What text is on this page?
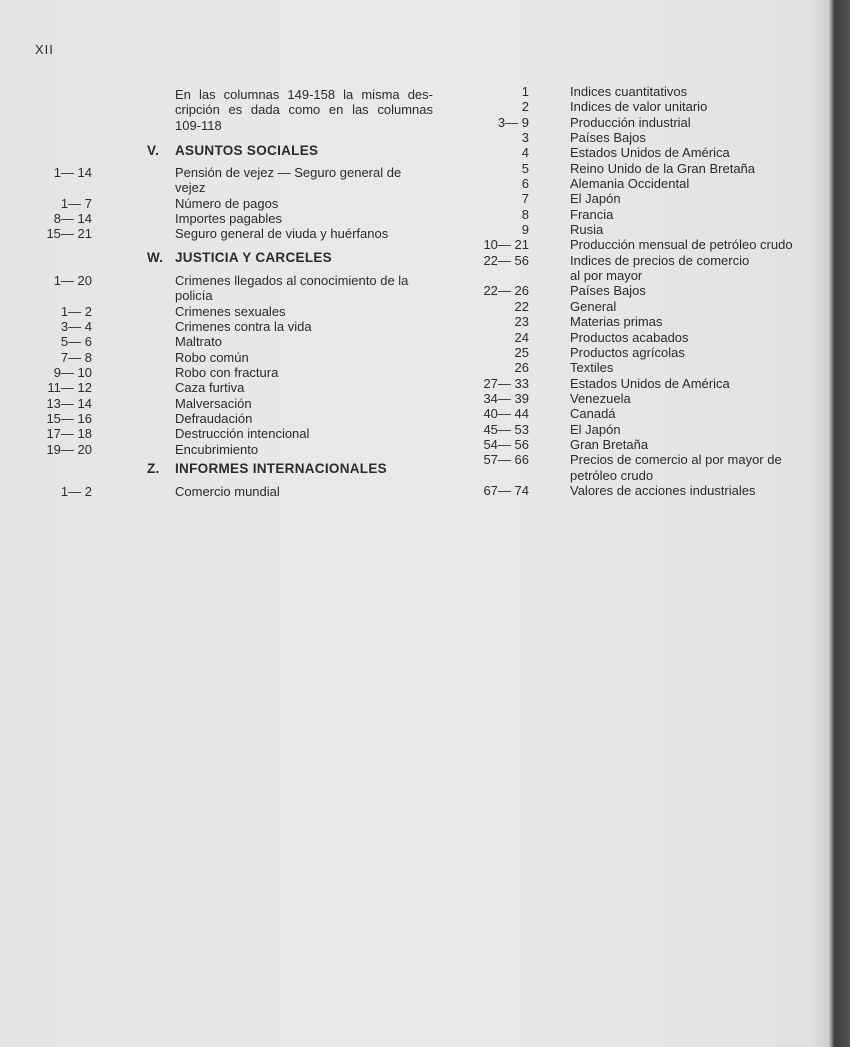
XII
En las columnas 149-158 la misma des-
cripción es dada como en las columnas
109-118
V. ASUNTOS SOCIALES
1— 14	Pensión de vejez — Seguro general de
vejez
1— 7	Número de pagos
8— 14	Importes pagables
15— 21	Seguro general de viuda y huérfanos
W. JUSTICIA Y CARCELES
1— 20	Crimenes llegados al conocimiento de la
policía
1— 2	Crimenes sexuales
3— 4	Crimenes contra la vida
5— 6	Maltrato
7— 8	Robo común
9— 10	Robo con fractura
11— 12	Caza furtiva
13— 14	Malversación
15— 16	Defraudación
17— 18	Destrucción intencional
19— 20	Encubrimiento
Z. INFORMES INTERNACIONALES
1— 2	Comercio mundial
1	Indices cuantitativos
2	Indices de valor unitario
3— 9	Producción industrial
3	Países Bajos
4	Estados Unidos de América
5	Reino Unido de la Gran Bretaña
6	Alemania Occidental
7	El Japón
8	Francia
9	Rusia
10— 21	Producción mensual de petróleo crudo
22— 56	Indices de precios de comercio
al por mayor
22— 26	Países Bajos
22	General
23	Materias primas
24	Productos acabados
25	Productos agrícolas
26	Textiles
27— 33	Estados Unidos de América
34— 39	Venezuela
40— 44	Canadá
45— 53	El Japón
54— 56	Gran Bretaña
57— 66	Precios de comercio al por mayor de
petróleo crudo
67— 74	Valores de acciones industriales
